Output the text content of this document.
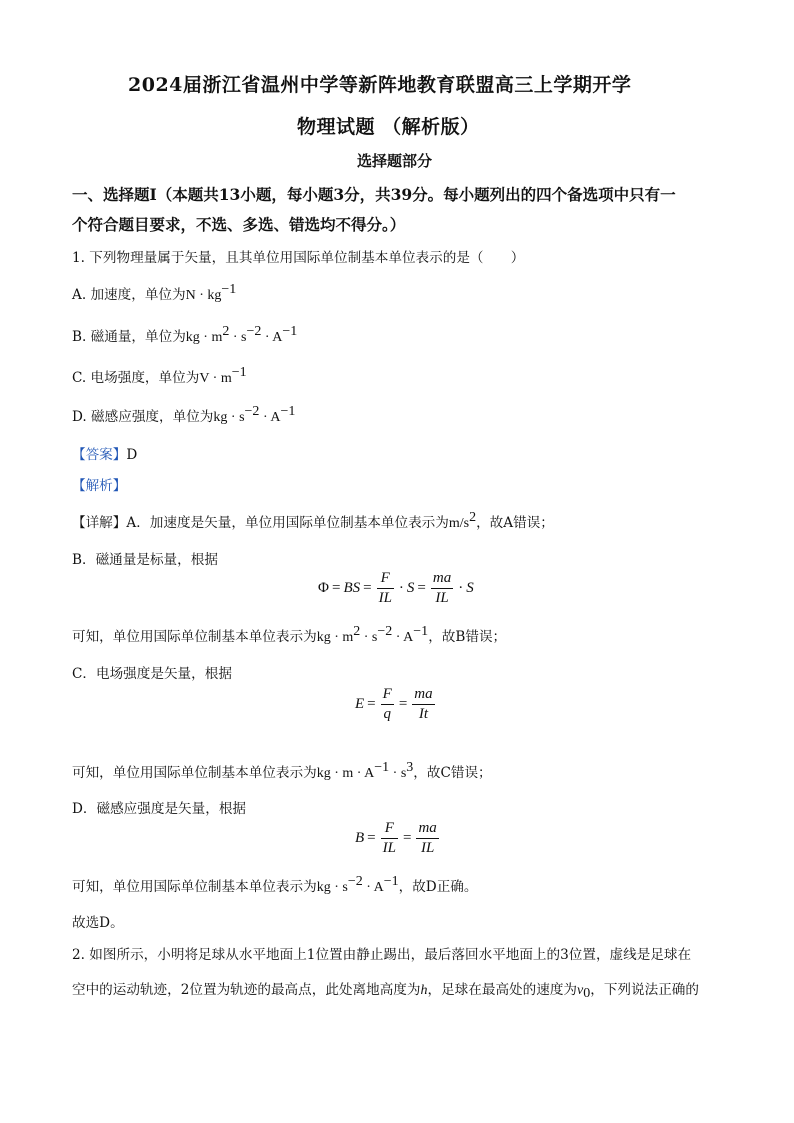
2024届浙江省温州中学等新阵地教育联盟高三上学期开学
物理试题 （解析版）
选择题部分
一、选择题Ⅰ（本题共13小题，每小题3分，共39分。每小题列出的四个备选项中只有一
个符合题目要求，不选、多选、错选均不得分。）
1. 下列物理量属于矢量，且其单位用国际单位制基本单位表示的是（　　）
A. 加速度，单位为$N \cdot kg^{-1}$
B. 磁通量，单位为kg · $m^2 \cdot s^{-2} \cdot A^{-1}$
C. 电场强度，单位为$V \cdot m^{-1}$
D. 磁感应强度，单位为kg · $s^{-2} \cdot A^{-1}$
【答案】D
【解析】
【详解】A．加速度是矢量，单位用国际单位制基本单位表示为$m/s^2$，故A错误；
B．磁通量是标量，根据
Φ = BS = $\frac{F}{IL} \cdot S = \frac{ma}{IL} \cdot S$
可知，单位用国际单位制基本单位表示为kg · $m^2 \cdot s^{-2} \cdot A^{-1}$，故B错误；
C．电场强度是矢量，根据
$E = \frac{F}{q} = \frac{ma}{It}$
可知，单位用国际单位制基本单位表示为kg · $m \cdot A^{-1} \cdot s^3$，故C错误；
D．磁感应强度是矢量，根据
$B = \frac{F}{IL} = \frac{ma}{IL}$
可知，单位用国际单位制基本单位表示为kg · $s^{-2} \cdot A^{-1}$，故D正确。
故选D。
2. 如图所示，小明将足球从水平地面上1位置由静止踢出，最后落回水平地面上的3位置，虚线是足球在
空中的运动轨迹，2位置为轨迹的最高点，此处离地高度为h，足球在最高处的速度为$v_0$，下列说法正确的
